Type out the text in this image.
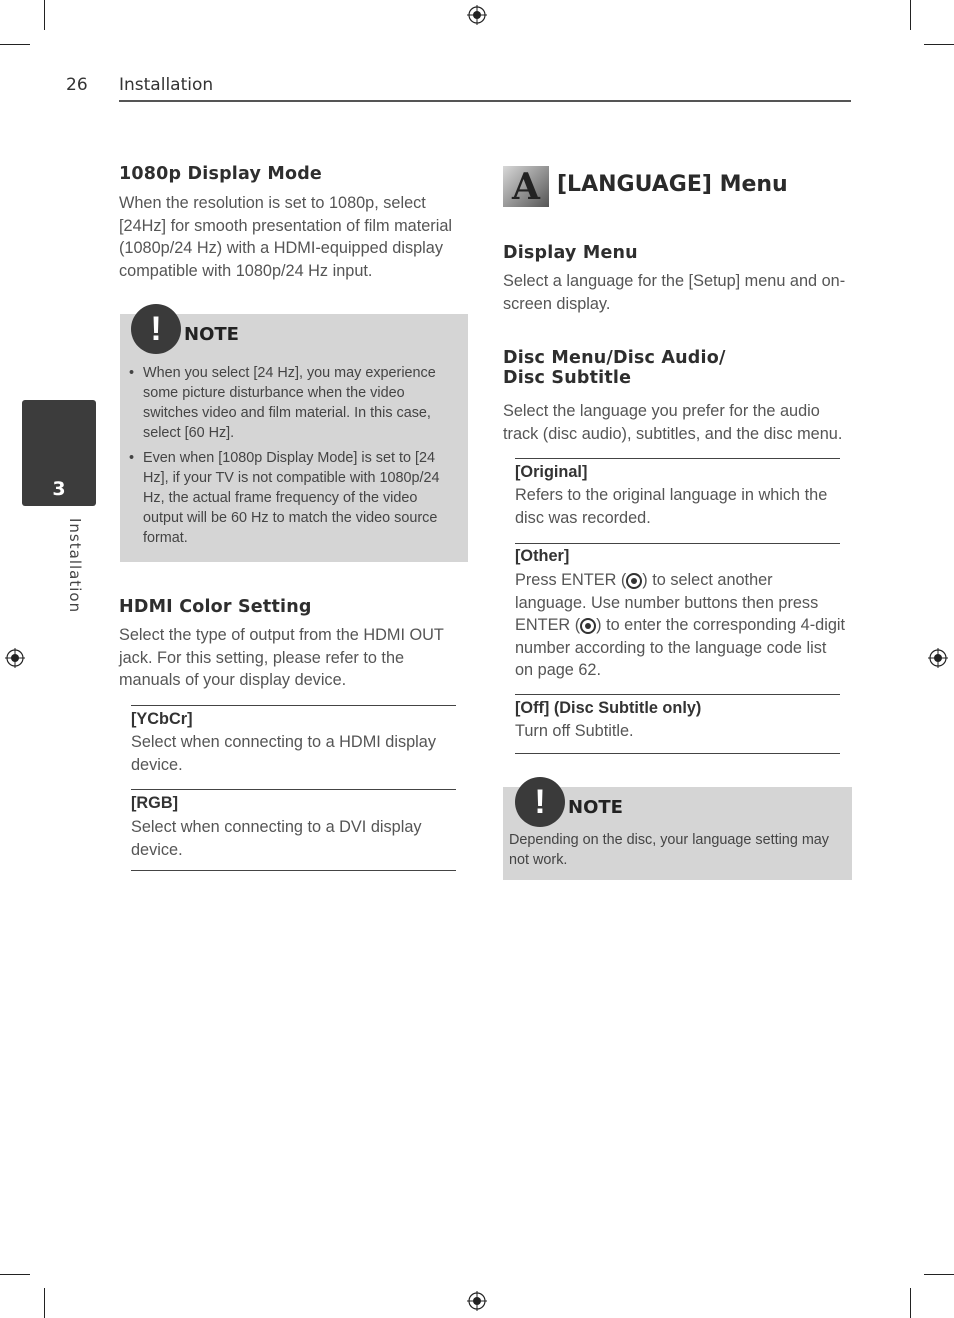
26 Installation
3
Installation
1080p Display Mode
When the resolution is set to 1080p, select [24Hz] for smooth presentation of film material (1080p/24 Hz) with a HDMI-equipped display compatible with 1080p/24 Hz input.
!	NOTE
• When you select [24 Hz], you may experience some picture disturbance when the video switches video and film material. In this case, select [60 Hz].
• Even when [1080p Display Mode] is set to [24 Hz], if your TV is not compatible with 1080p/24 Hz, the actual frame frequency of the video output will be 60 Hz to match the video source format.
HDMI Color Setting
Select the type of output from the HDMI OUT jack. For this setting, please refer to the manuals of your display device.
[YCbCr]
Select when connecting to a HDMI display device.
[RGB]
Select when connecting to a DVI display device.
A [LANGUAGE] Menu
Display Menu
Select a language for the [Setup] menu and on-screen display.
Disc Menu/Disc Audio/
Disc Subtitle
Select the language you prefer for the audio track (disc audio), subtitles, and the disc menu.
[Original]
Refers to the original language in which the disc was recorded.
[Other]
Press ENTER ( ) to select another language. Use number buttons then press ENTER ( ) to enter the corresponding 4-digit number according to the language code list on page 62.
[Off] (Disc Subtitle only)
Turn off Subtitle.
!	NOTE
Depending on the disc, your language setting may not work.
